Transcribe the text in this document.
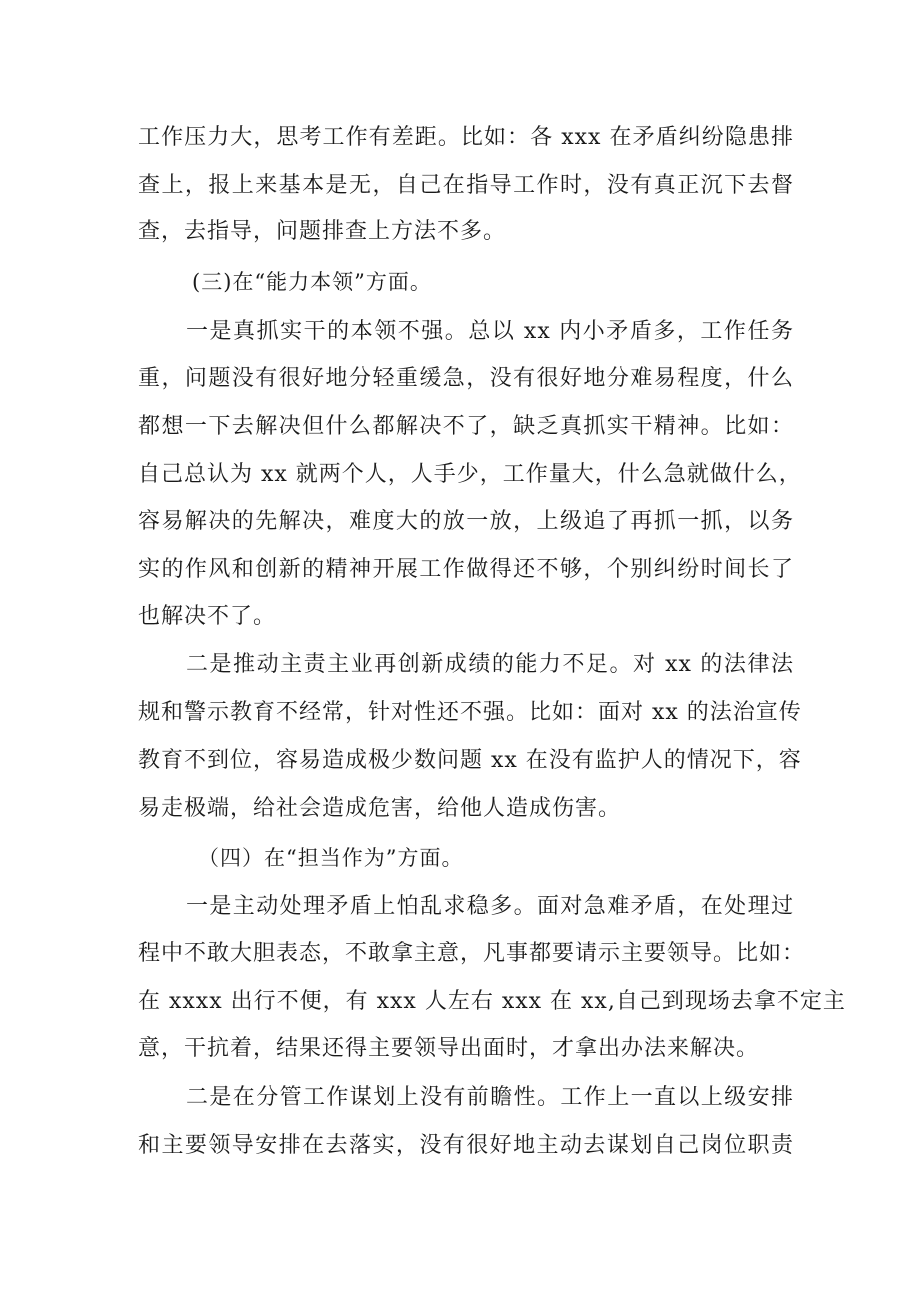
工作压力大，思考工作有差距。比如：各 xxx 在矛盾纠纷隐患排
查上，报上来基本是无，自己在指导工作时，没有真正沉下去督
查，去指导，问题排查上方法不多。
(三)在“能力本领”方面。
一是真抓实干的本领不强。总以 xx 内小矛盾多，工作任务
重，问题没有很好地分轻重缓急，没有很好地分难易程度，什么
都想一下去解决但什么都解决不了，缺乏真抓实干精神。比如：
自己总认为 xx 就两个人，人手少，工作量大，什么急就做什么，
容易解决的先解决，难度大的放一放，上级追了再抓一抓，以务
实的作风和创新的精神开展工作做得还不够，个别纠纷时间长了
也解决不了。
二是推动主责主业再创新成绩的能力不足。对 xx 的法律法
规和警示教育不经常，针对性还不强。比如：面对 xx 的法治宣传
教育不到位，容易造成极少数问题 xx 在没有监护人的情况下，容
易走极端，给社会造成危害，给他人造成伤害。
（四）在“担当作为”方面。
一是主动处理矛盾上怕乱求稳多。面对急难矛盾，在处理过
程中不敢大胆表态，不敢拿主意，凡事都要请示主要领导。比如：
在 xxxx 出行不便，有 xxx 人左右 xxx 在 xx,自己到现场去拿不定主
意，干抗着，结果还得主要领导出面时，才拿出办法来解决。
二是在分管工作谋划上没有前瞻性。工作上一直以上级安排
和主要领导安排在去落实，没有很好地主动去谋划自己岗位职责
